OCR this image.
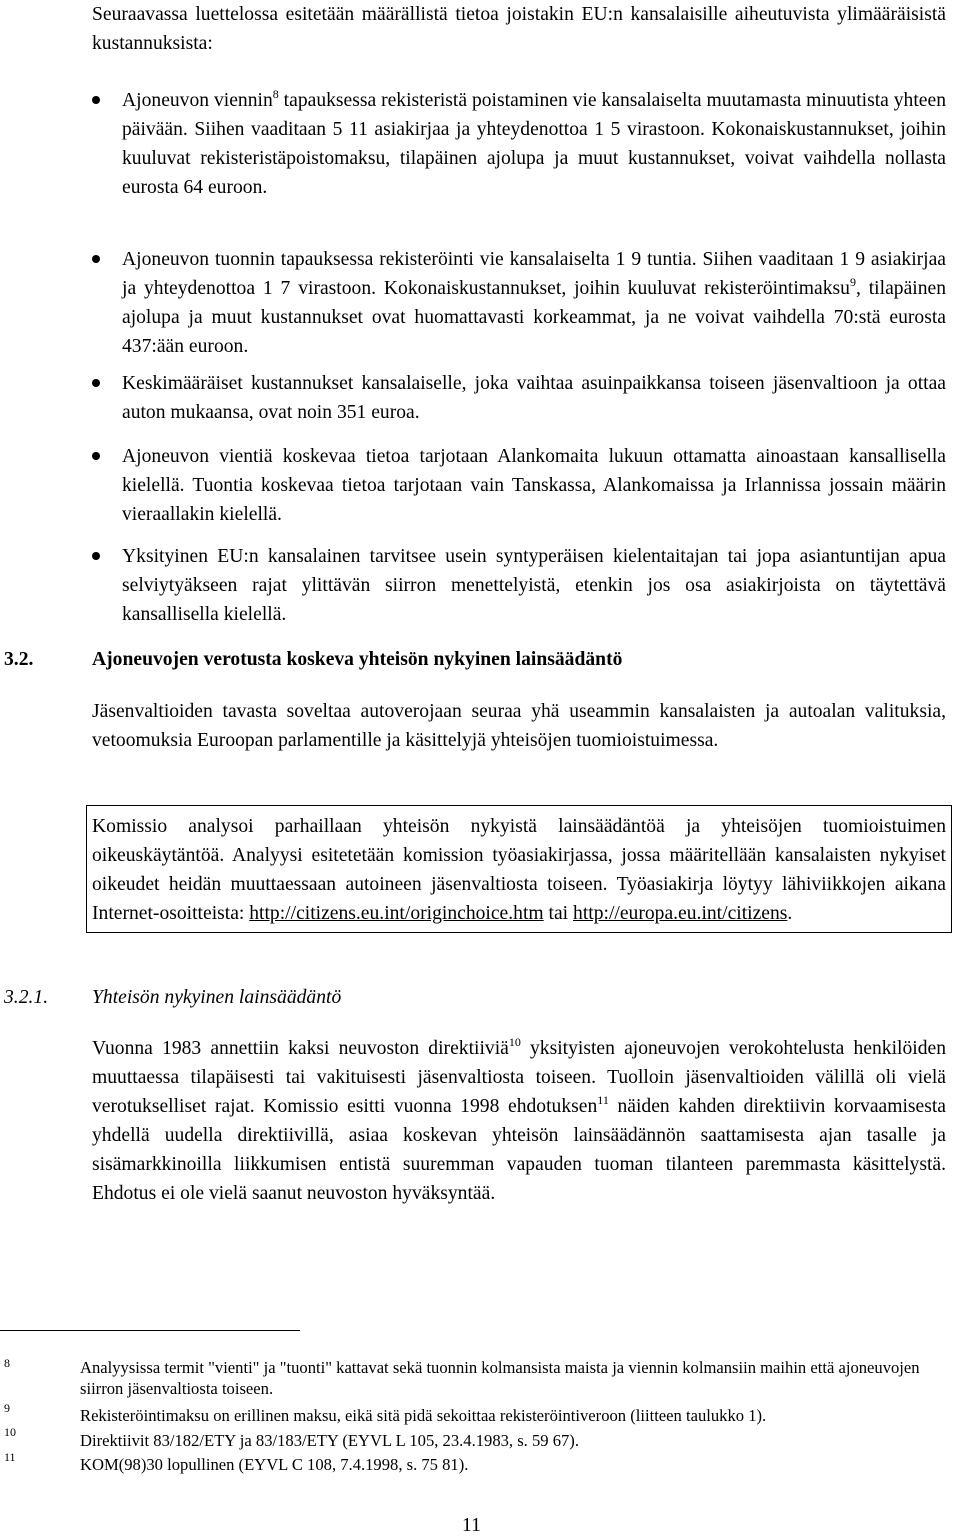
Seuraavassa luettelossa esitetään määrällistä tietoa joistakin EU:n kansalaisille aiheutuvista ylimääräisistä kustannuksista:
Ajoneuvon viennin$^8$ tapauksessa rekisteristä poistaminen vie kansalaiselta muutamasta minuutista yhteen päivään. Siihen vaaditaan 5 11 asiakirjaa ja yhteydenottoa 1 5 virastoon. Kokonaiskustannukset, joihin kuuluvat rekisteristäpoistomaksu, tilapäinen ajolupa ja muut kustannukset, voivat vaihdella nollasta eurosta 64 euroon.
Ajoneuvon tuonnin tapauksessa rekisteröinti vie kansalaiselta 1 9 tuntia. Siihen vaaditaan 1 9 asiakirjaa ja yhteydenottoa 1 7 virastoon. Kokonaiskustannukset, joihin kuuluvat rekisteröintimaksu$^9$, tilapäinen ajolupa ja muut kustannukset ovat huomattavasti korkeammat, ja ne voivat vaihdella 70:stä eurosta 437:ään euroon.
Keskimääräiset kustannukset kansalaiselle, joka vaihtaa asuinpaikkansa toiseen jäsenvaltioon ja ottaa auton mukaansa, ovat noin 351 euroa.
Ajoneuvon vientiä koskevaa tietoa tarjotaan Alankomaita lukuun ottamatta ainoastaan kansallisella kielellä. Tuontia koskevaa tietoa tarjotaan vain Tanskassa, Alankomaissa ja Irlannissa jossain määrin vieraallakin kielellä.
Yksityinen EU:n kansalainen tarvitsee usein syntyperäisen kielentaitajan tai jopa asiantuntijan apua selviytyäkseen rajat ylittävän siirron menettelyistä, etenkin jos osa asiakirjoista on täytettävä kansallisella kielellä.
3.2.	Ajoneuvojen verotusta koskeva yhteisön nykyinen lainsäädäntö
Jäsenvaltioiden tavasta soveltaa autoverojaan seuraa yhä useammin kansalaisten ja autoalan valituksia, vetoomuksia Euroopan parlamentille ja käsittelyjä yhteisöjen tuomioistuimessa.
Komissio analysoi parhaillaan yhteisön nykyistä lainsäädäntöä ja yhteisöjen tuomioistuimen oikeuskäytäntöä. Analyysi esitetetään komission työasiakirjassa, jossa määritellään kansalaisten nykyiset oikeudet heidän muuttaessaan autoineen jäsenvaltiosta toiseen. Työasiakirja löytyy lähiviikkojen aikana Internet-osoitteista: http://citizens.eu.int/originchoice.htm tai http://europa.eu.int/citizens.
3.2.1. Yhteisön nykyinen lainsäädäntö
Vuonna 1983 annettiin kaksi neuvoston direktiiviä$^{10}$ yksityisten ajoneuvojen verokohtelusta henkilöiden muuttaessa tilapäisesti tai vakituisesti jäsenvaltiosta toiseen. Tuolloin jäsenvaltioiden välillä oli vielä verotukselliset rajat. Komissio esitti vuonna 1998 ehdotuksen$^{11}$ näiden kahden direktiivin korvaamisesta yhdellä uudella direktiivillä, asiaa koskevan yhteisön lainsäädännön saattamisesta ajan tasalle ja sisämarkkinoilla liikkumisen entistä suuremman vapauden tuoman tilanteen paremmasta käsittelystä. Ehdotus ei ole vielä saanut neuvoston hyväksyntää.
8	Analyysissa termit "vienti" ja "tuonti" kattavat sekä tuonnin kolmansista maista ja viennin kolmansiin maihin että ajoneuvojen siirron jäsenvaltiosta toiseen.
9	Rekisteröintimaksu on erillinen maksu, eikä sitä pidä sekoittaa rekisteröintiveroon (liitteen taulukko 1).
10	Direktiivit 83/182/ETY ja 83/183/ETY (EYVL L 105, 23.4.1983, s. 59 67).
11	KOM(98)30 lopullinen (EYVL C 108, 7.4.1998, s. 75 81).
11
